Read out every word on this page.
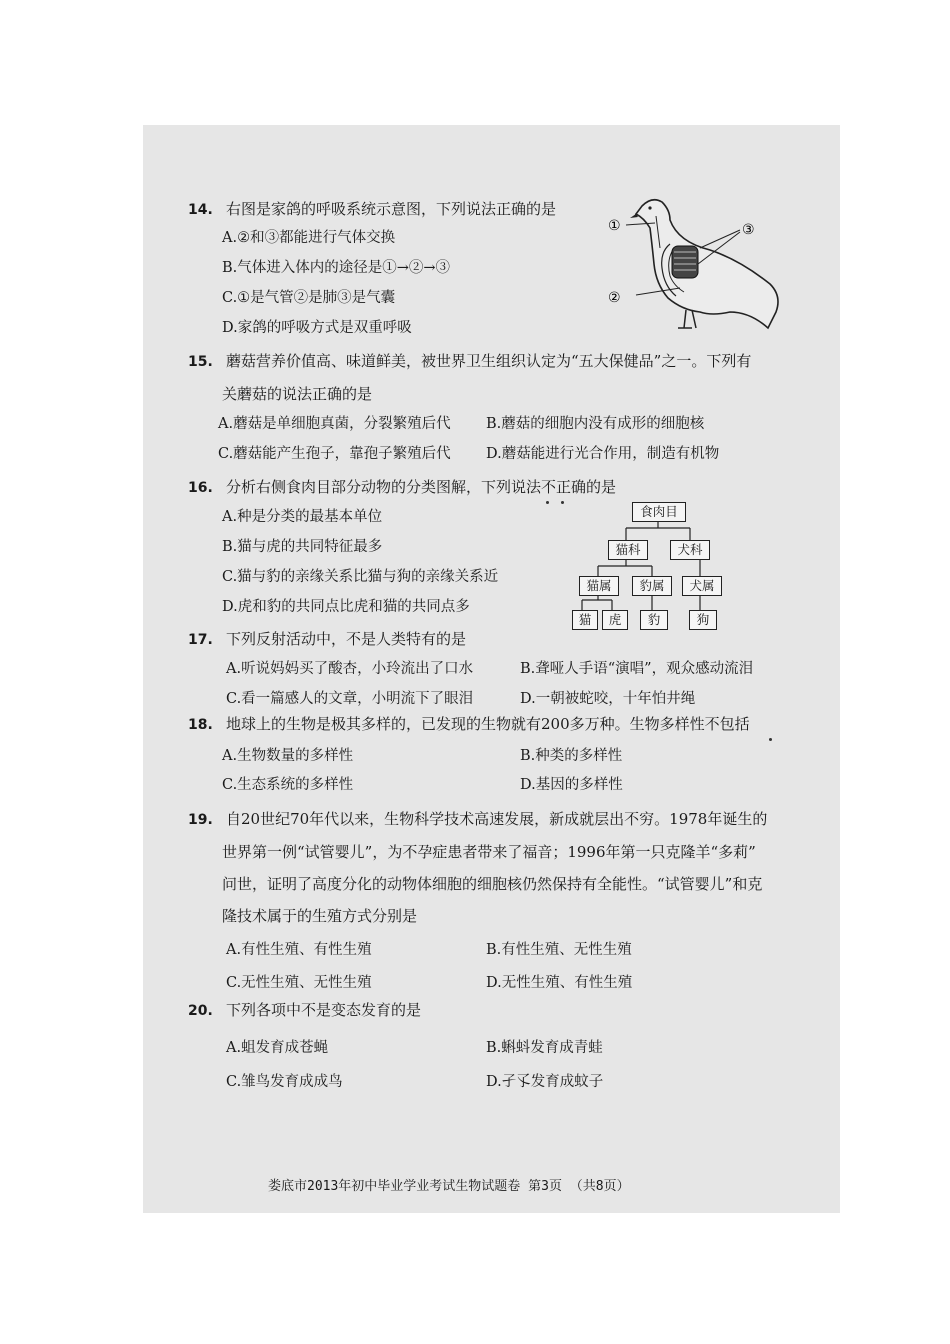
14. 右图是家鸽的呼吸系统示意图，下列说法正确的是
A.②和③都能进行气体交换
B.气体进入体内的途径是①→②→③
C.①是气管②是肺③是气囊
D.家鸽的呼吸方式是双重呼吸
①
②
③
15. 蘑菇营养价值高、味道鲜美，被世界卫生组织认定为“五大保健品”之一。下列有
关蘑菇的说法正确的是
A.蘑菇是单细胞真菌，分裂繁殖后代 B.蘑菇的细胞内没有成形的细胞核
C.蘑菇能产生孢子，靠孢子繁殖后代 D.蘑菇能进行光合作用，制造有机物
16. 分析右侧食肉目部分动物的分类图解，下列说法不正确的是
A.种是分类的最基本单位
B.猫与虎的共同特征最多
C.猫与豹的亲缘关系比猫与狗的亲缘关系近
D.虎和豹的共同点比虎和猫的共同点多
食肉目
猫科	犬科
猫属	豹属	犬属
猫	虎	豹	狗
17. 下列反射活动中，不是人类特有的是
A.听说妈妈买了酸杏，小玲流出了口水	B.聋哑人手语“演唱”，观众感动流泪
C.看一篇感人的文章，小明流下了眼泪	D.一朝被蛇咬，十年怕井绳
18. 地球上的生物是极其多样的，已发现的生物就有200多万种。生物多样性不包括
A.生物数量的多样性	B.种类的多样性
C.生态系统的多样性	D.基因的多样性
19. 自20世纪70年代以来，生物科学技术高速发展，新成就层出不穷。1978年诞生的
世界第一例“试管婴儿”，为不孕症患者带来了福音；1996年第一只克隆羊“多莉”
问世，证明了高度分化的动物体细胞的细胞核仍然保持有全能性。“试管婴儿”和克
隆技术属于的生殖方式分别是
A.有性生殖、有性生殖	B.有性生殖、无性生殖
C.无性生殖、无性生殖	D.无性生殖、有性生殖
20. 下列各项中不是变态发育的是
A.蛆发育成苍蝇	B.蝌蚪发育成青蛙
C.雏鸟发育成成鸟	D.孑孓发育成蚊子
娄底市2013年初中毕业学业考试生物试题卷 第3页 （共8页）
